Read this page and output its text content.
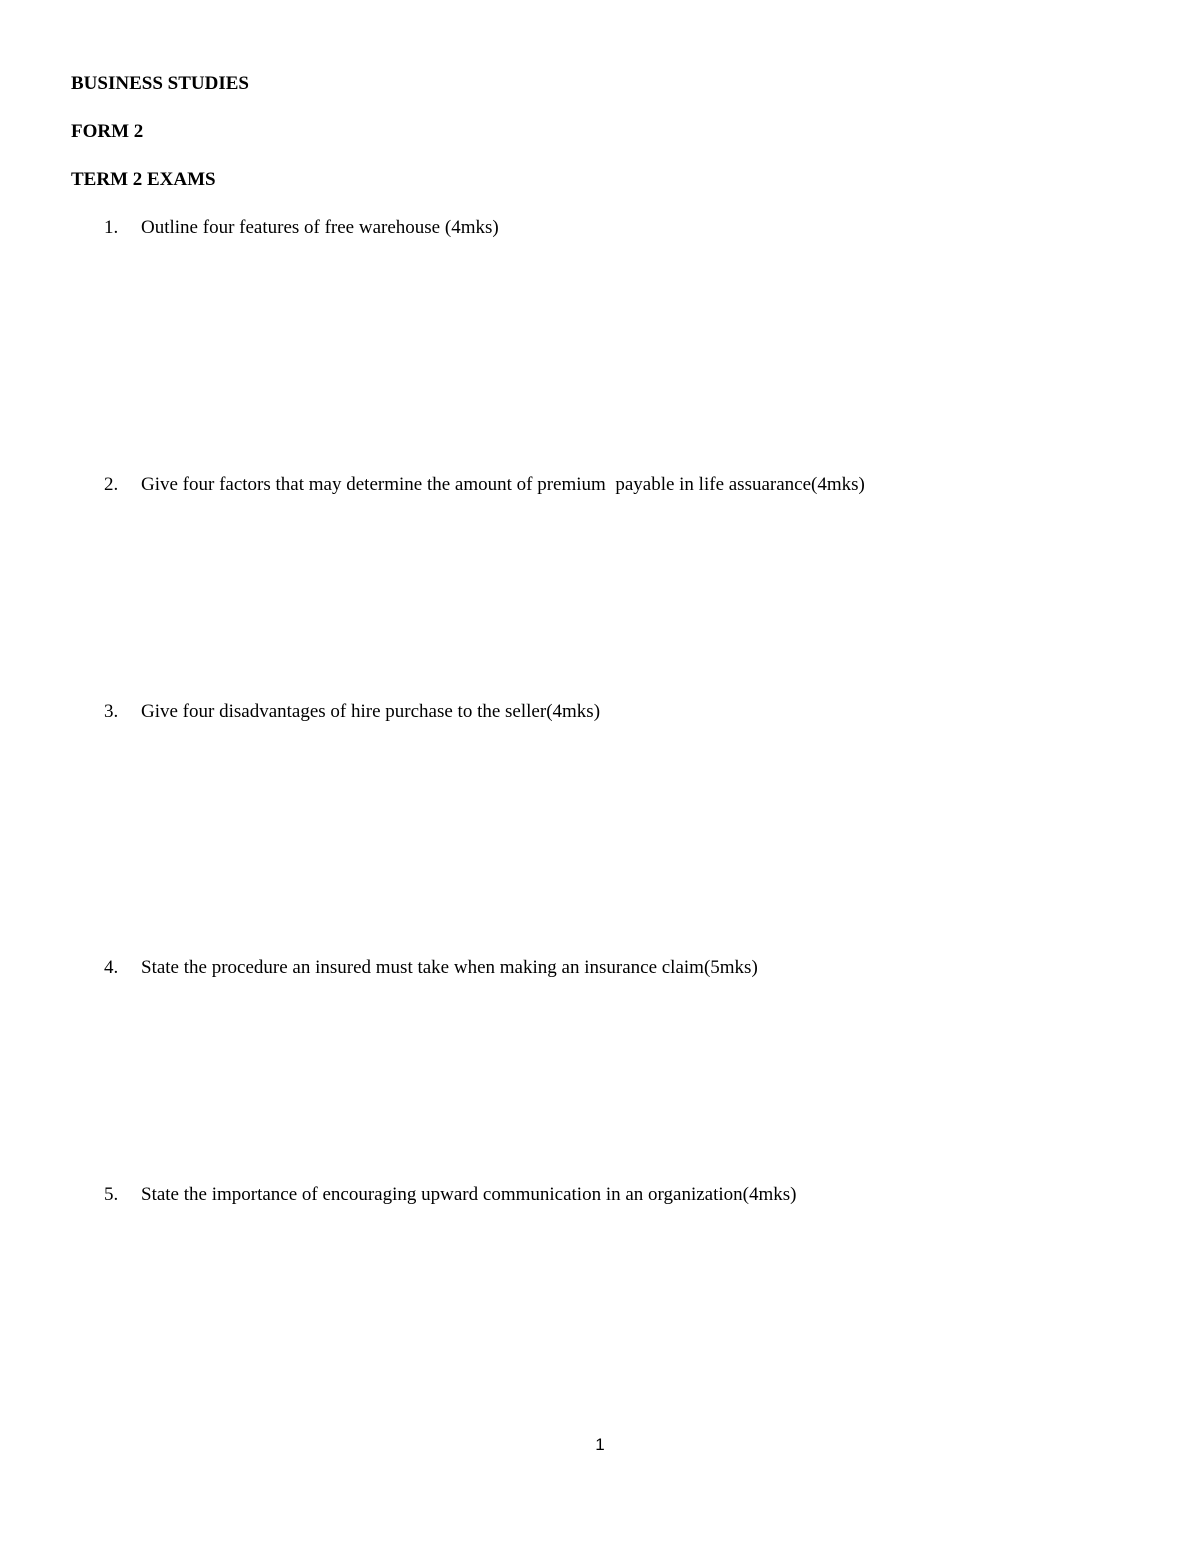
BUSINESS STUDIES
FORM 2
TERM 2 EXAMS
1. Outline four features of free warehouse (4mks)
2. Give four factors that may determine the amount of premium  payable in life assuarance(4mks)
3. Give four disadvantages of hire purchase to the seller(4mks)
4. State the procedure an insured must take when making an insurance claim(5mks)
5. State the importance of encouraging upward communication in an organization(4mks)
1
